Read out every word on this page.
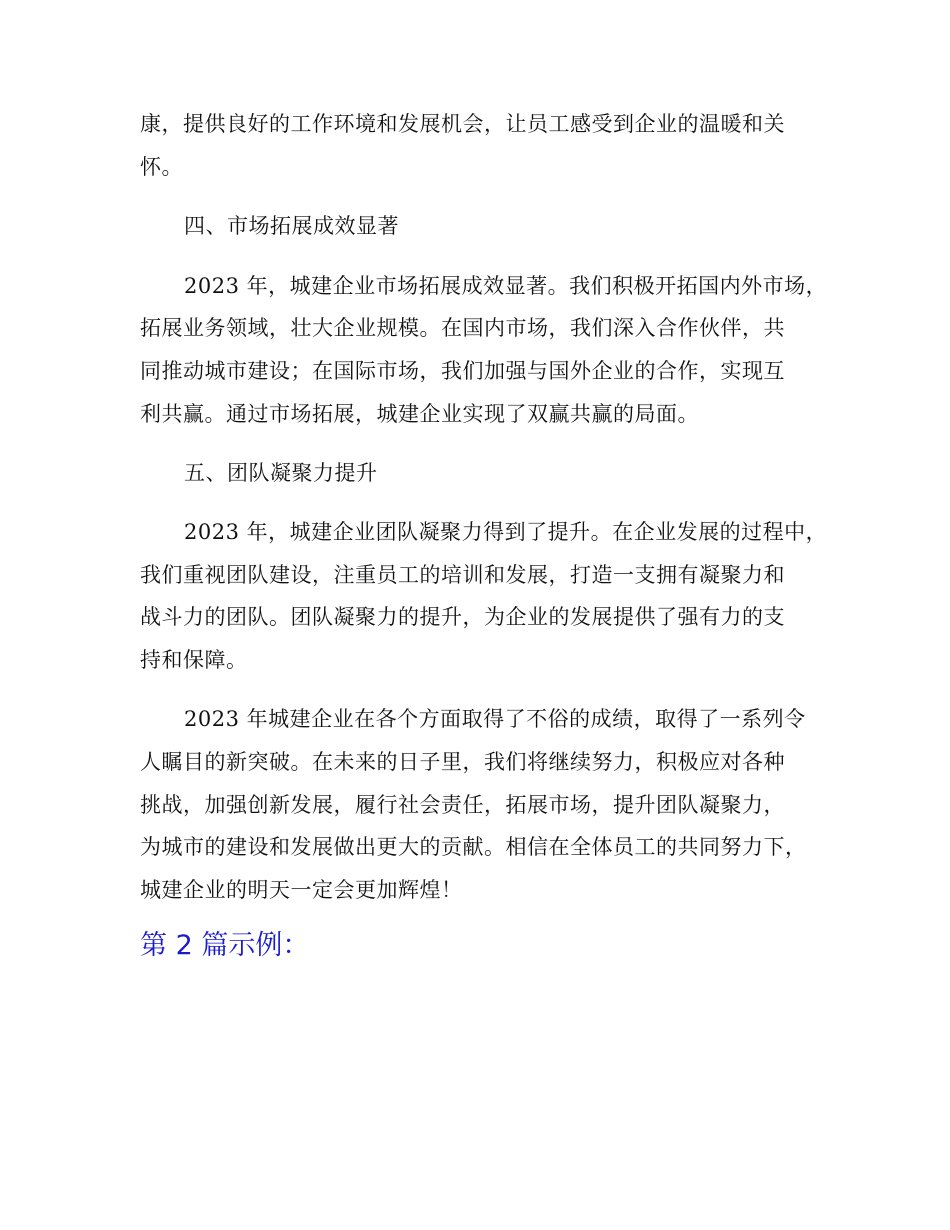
康，提供良好的工作环境和发展机会，让员工感受到企业的温暖和关
怀。
四、市场拓展成效显著
2023 年，城建企业市场拓展成效显著。我们积极开拓国内外市场，
拓展业务领域，壮大企业规模。在国内市场，我们深入合作伙伴，共
同推动城市建设；在国际市场，我们加强与国外企业的合作，实现互
利共赢。通过市场拓展，城建企业实现了双赢共赢的局面。
五、团队凝聚力提升
2023 年，城建企业团队凝聚力得到了提升。在企业发展的过程中，
我们重视团队建设，注重员工的培训和发展，打造一支拥有凝聚力和
战斗力的团队。团队凝聚力的提升，为企业的发展提供了强有力的支
持和保障。
2023 年城建企业在各个方面取得了不俗的成绩，取得了一系列令
人瞩目的新突破。在未来的日子里，我们将继续努力，积极应对各种
挑战，加强创新发展，履行社会责任，拓展市场，提升团队凝聚力，
为城市的建设和发展做出更大的贡献。相信在全体员工的共同努力下，
城建企业的明天一定会更加辉煌！
第 2 篇示例：
